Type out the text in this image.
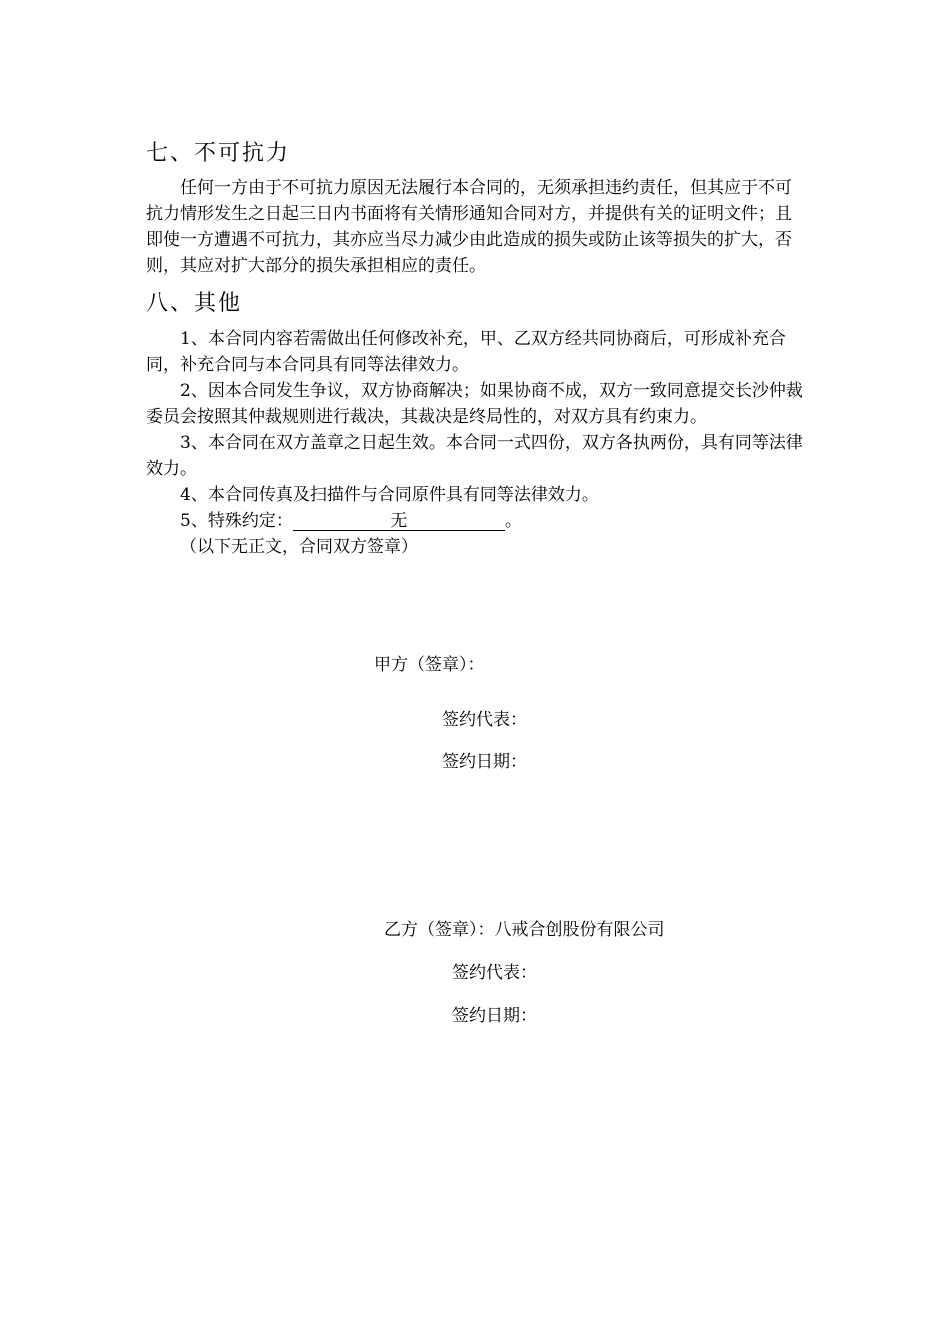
七、不可抗力
任何一方由于不可抗力原因无法履行本合同的，无须承担违约责任，但其应于不可抗力情形发生之日起三日内书面将有关情形通知合同对方，并提供有关的证明文件；且即使一方遭遇不可抗力，其亦应当尽力减少由此造成的损失或防止该等损失的扩大，否则，其应对扩大部分的损失承担相应的责任。
八、其他

1、本合同内容若需做出任何修改补充，甲、乙双方经共同协商后，可形成补充合同，补充合同与本合同具有同等法律效力。

2、因本合同发生争议，双方协商解决；如果协商不成，双方一致同意提交长沙仲裁委员会按照其仲裁规则进行裁决，其裁决是终局性的，对双方具有约束力。

3、本合同在双方盖章之日起生效。本合同一式四份，双方各执两份，具有同等法律效力。

4、本合同传真及扫描件与合同原件具有同等法律效力。

5、特殊约定：	无	。

（以下无正文，合同双方签章）

甲方（签章）：
签约代表：
签约日期：
乙方（签章）：八戒合创股份有限公司
签约代表：
签约日期：
